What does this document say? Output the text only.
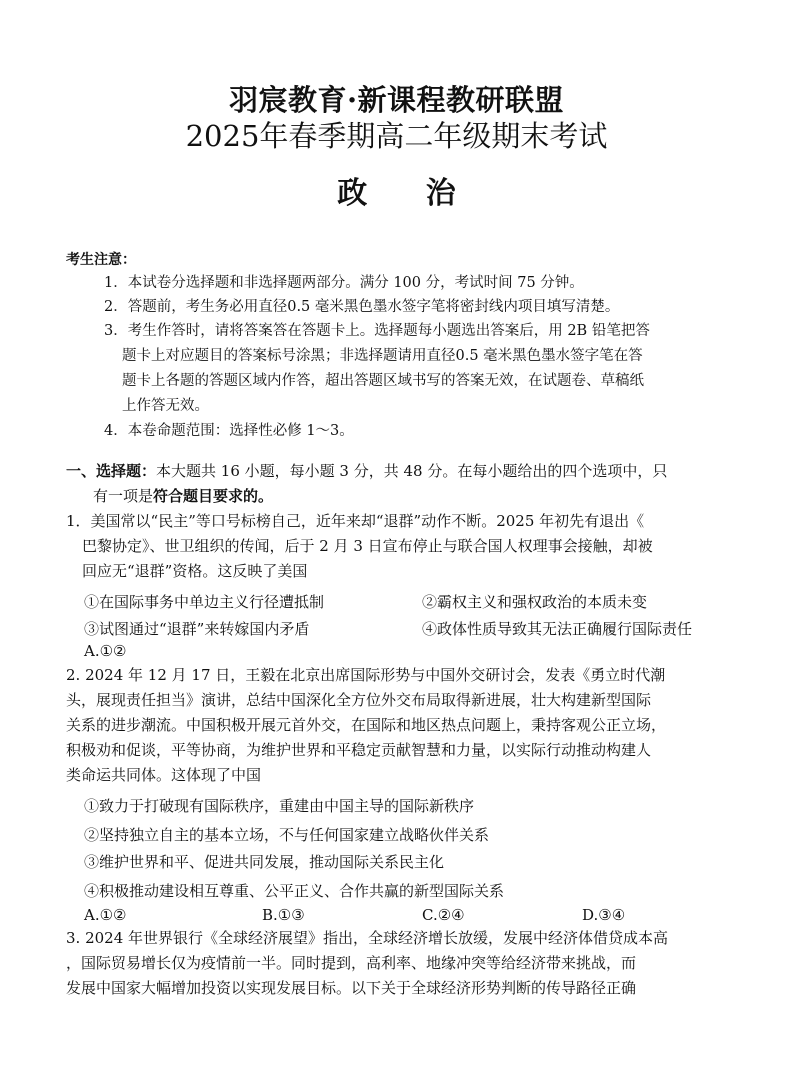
羽宸教育·新课程教研联盟
2025年春季期高二年级期末考试
政 治
考生注意：
1．本试卷分选择题和非选择题两部分。满分 100 分，考试时间 75 分钟。
2．答题前，考生务必用直径0.5 毫米黑色墨水签字笔将密封线内项目填写清楚。
3．考生作答时，请将答案答在答题卡上。选择题每小题选出答案后，用 2B 铅笔把答
题卡上对应题目的答案标号涂黑；非选择题请用直径0.5 毫米黑色墨水签字笔在答
题卡上各题的答题区域内作答，超出答题区域书写的答案无效，在试题卷、草稿纸
上作答无效。
4．本卷命题范围：选择性必修 1～3。
一、选择题：本大题共 16 小题，每小题 3 分，共 48 分。在每小题给出的四个选项中，只
有一项是符合题目要求的。
1．美国常以“民主”等口号标榜自己，近年来却“退群”动作不断。2025 年初先有退出《
巴黎协定》、世卫组织的传闻，后于 2 月 3 日宣布停止与联合国人权理事会接触，却被
回应无“退群”资格。这反映了美国
①在国际事务中单边主义行径遭抵制	②霸权主义和强权政治的本质未变
③试图通过“退群”来转嫁国内矛盾	④政体性质导致其无法正确履行国际责任
A.①②
2. 2024 年 12 月 17 日，王毅在北京出席国际形势与中国外交研讨会，发表《勇立时代潮
头，展现责任担当》演讲，总结中国深化全方位外交布局取得新进展，壮大构建新型国际
关系的进步潮流。中国积极开展元首外交，在国际和地区热点问题上，秉持客观公正立场，
积极劝和促谈，平等协商，为维护世界和平稳定贡献智慧和力量，以实际行动推动构建人
类命运共同体。这体现了中国
①致力于打破现有国际秩序，重建由中国主导的国际新秩序
②坚持独立自主的基本立场，不与任何国家建立战略伙伴关系
③维护世界和平、促进共同发展，推动国际关系民主化
④积极推动建设相互尊重、公平正义、合作共赢的新型国际关系
A.①②	B.①③	C.②④	D.③④
3. 2024 年世界银行《全球经济展望》指出，全球经济增长放缓，发展中经济体借贷成本高
，国际贸易增长仅为疫情前一半。同时提到，高利率、地缘冲突等给经济带来挑战，而
发展中国家大幅增加投资以实现发展目标。以下关于全球经济形势判断的传导路径正确
